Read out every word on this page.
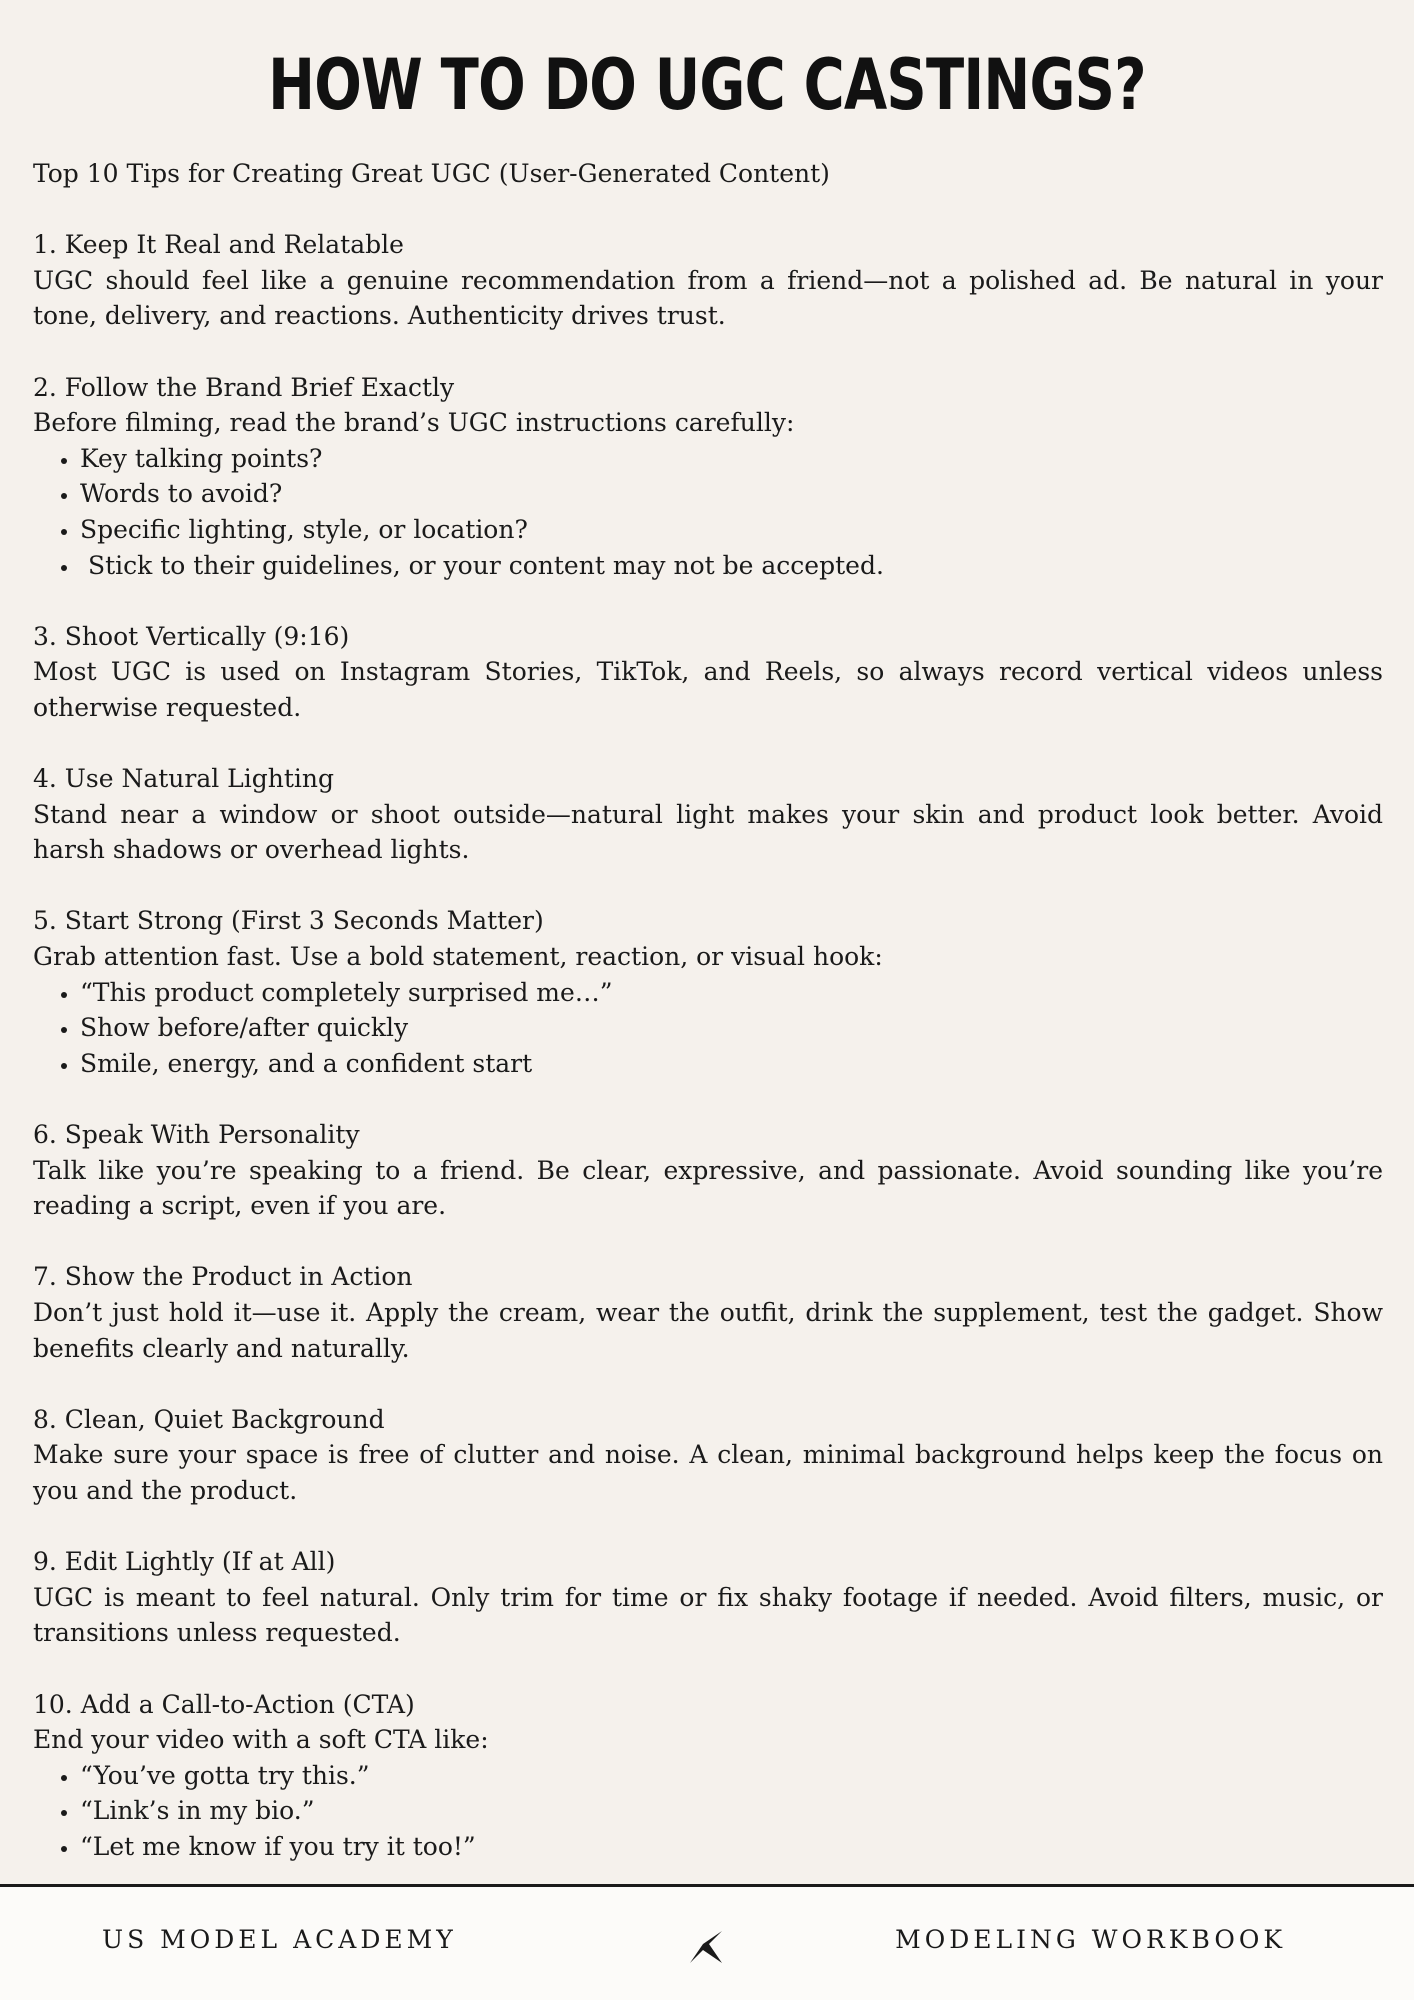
HOW TO DO UGC CASTINGS?

Top 10 Tips for Creating Great UGC (User-Generated Content)

1. Keep It Real and Relatable

UGC should feel like a genuine recommendation from a friend—not a polished ad. Be natural in your tone, delivery, and reactions. Authenticity drives trust.

2. Follow the Brand Brief Exactly

Before filming, read the brand’s UGC instructions carefully:

• Key talking points?
• Words to avoid?
• Specific lighting, style, or location?
•  Stick to their guidelines, or your content may not be accepted.

3. Shoot Vertically (9:16)

Most UGC is used on Instagram Stories, TikTok, and Reels, so always record vertical videos unless otherwise requested.

4. Use Natural Lighting

Stand near a window or shoot outside—natural light makes your skin and product look better. Avoid harsh shadows or overhead lights.

5. Start Strong (First 3 Seconds Matter)

Grab attention fast. Use a bold statement, reaction, or visual hook:

• “This product completely surprised me…”
• Show before/after quickly
• Smile, energy, and a confident start

6. Speak With Personality

Talk like you’re speaking to a friend. Be clear, expressive, and passionate. Avoid sounding like you’re reading a script, even if you are.

7. Show the Product in Action

Don’t just hold it—use it. Apply the cream, wear the outfit, drink the supplement, test the gadget. Show benefits clearly and naturally.

8. Clean, Quiet Background

Make sure your space is free of clutter and noise. A clean, minimal background helps keep the focus on you and the product.

9. Edit Lightly (If at All)

UGC is meant to feel natural. Only trim for time or fix shaky footage if needed. Avoid filters, music, or transitions unless requested.

10. Add a Call-to-Action (CTA)

End your video with a soft CTA like:

• “You’ve gotta try this.”
• “Link’s in my bio.”
• “Let me know if you try it too!”
US MODEL ACADEMY	MODELING WORKBOOK
